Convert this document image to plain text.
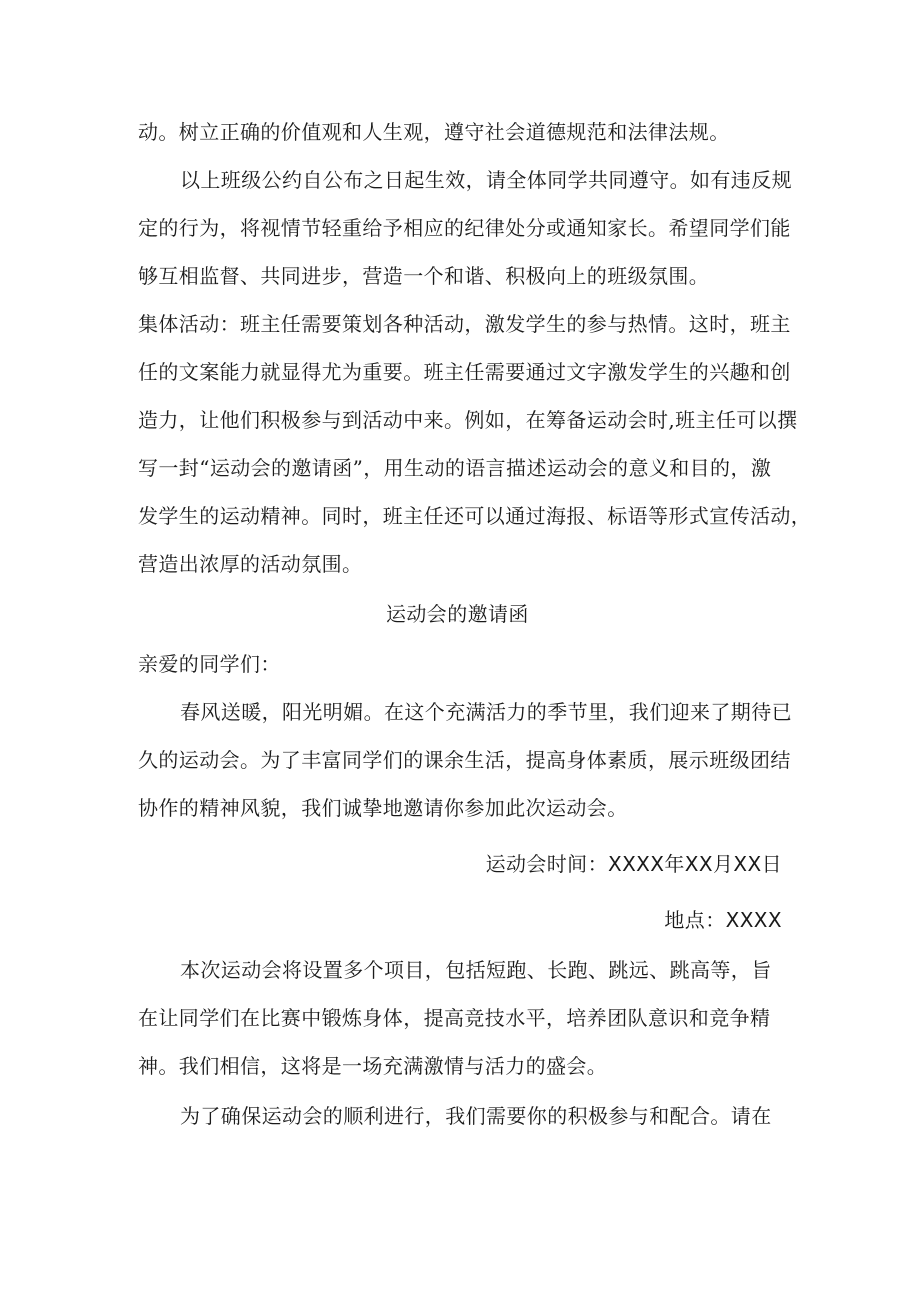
动。树立正确的价值观和人生观，遵守社会道德规范和法律法规。
以上班级公约自公布之日起生效，请全体同学共同遵守。如有违反规
定的行为，将视情节轻重给予相应的纪律处分或通知家长。希望同学们能
够互相监督、共同进步，营造一个和谐、积极向上的班级氛围。
集体活动：班主任需要策划各种活动，激发学生的参与热情。这时，班主
任的文案能力就显得尤为重要。班主任需要通过文字激发学生的兴趣和创
造力，让他们积极参与到活动中来。例如，在筹备运动会时,班主任可以撰
写一封“运动会的邀请函”，用生动的语言描述运动会的意义和目的，激
发学生的运动精神。同时，班主任还可以通过海报、标语等形式宣传活动，
营造出浓厚的活动氛围。
运动会的邀请函
亲爱的同学们：
春风送暖，阳光明媚。在这个充满活力的季节里，我们迎来了期待已
久的运动会。为了丰富同学们的课余生活，提高身体素质，展示班级团结
协作的精神风貌，我们诚挚地邀请你参加此次运动会。
运动会时间：XXXX年XX月XX日
地点：XXXX
本次运动会将设置多个项目，包括短跑、长跑、跳远、跳高等，旨
在让同学们在比赛中锻炼身体，提高竞技水平，培养团队意识和竞争精
神。我们相信，这将是一场充满激情与活力的盛会。
为了确保运动会的顺利进行，我们需要你的积极参与和配合。请在
